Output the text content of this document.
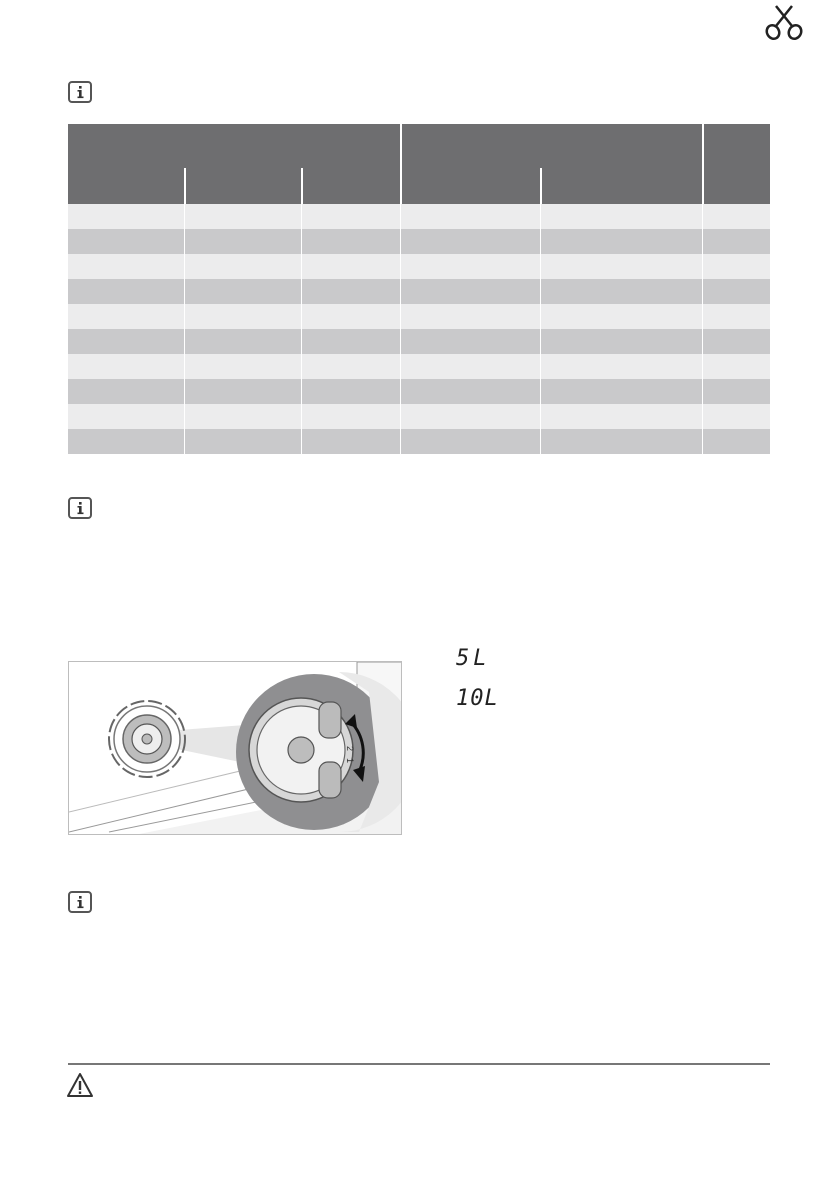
2
1
5L
10L
